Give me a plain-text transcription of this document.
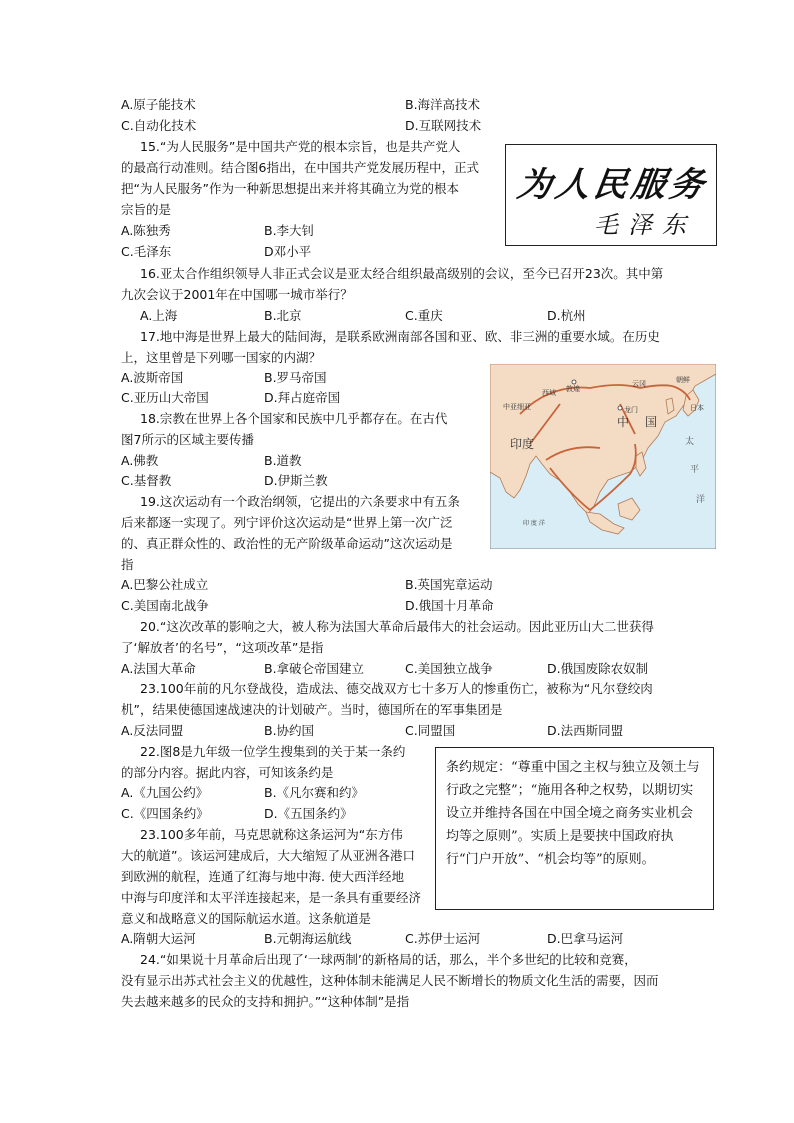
A.原子能技术	B.海洋高技术
C.自动化技术	D.互联网技术
15.“为人民服务”是中国共产党的根本宗旨，也是共产党人
的最高行动准则。结合图6指出，在中国共产党发展历程中，正式
把“为人民服务”作为一种新思想提出来并将其确立为党的根本
宗旨的是
A.陈独秀	B.李大钊
C.毛泽东	D邓小平
为人民服务
毛泽东
16.亚太合作组织领导人非正式会议是亚太经合组织最高级别的会议，至今已召开23次。其中第
九次会议于2001年在中国哪一城市举行？
A.上海	B.北京	C.重庆	D.杭州
17.地中海是世界上最大的陆间海，是联系欧洲南部各国和亚、欧、非三洲的重要水域。在历史
上，这里曾是下列哪一国家的内湖？
A.波斯帝国	B.罗马帝国
C.亚历山大帝国	D.拜占庭帝国
18.宗教在世界上各个国家和民族中几乎都存在。在古代
图7所示的区域主要传播
A.佛教	B.道教
C.基督教	D.伊斯兰教
西域 敦煌
中亚细亚
云冈	朝鲜
日本
龙门
印 度 洋
中 国
印度	太
平
洋
19.这次运动有一个政治纲领，它提出的六条要求中有五条
后来都逐一实现了。列宁评价这次运动是“世界上第一次广泛
的、真正群众性的、政治性的无产阶级革命运动”这次运动是
指
A.巴黎公社成立	B.英国宪章运动
C.美国南北战争	D.俄国十月革命
20.“这次改革的影响之大，被人称为法国大革命后最伟大的社会运动。因此亚历山大二世获得
了‘解放者’的名号”，“这项改革”是指
A.法国大革命	B.拿破仑帝国建立	C.美国独立战争	D.俄国废除农奴制
23.100年前的凡尔登战役，造成法、德交战双方七十多万人的惨重伤亡，被称为“凡尔登绞肉
机”，结果使德国速战速决的计划破产。当时，德国所在的军事集团是
A.反法同盟	B.协约国	C.同盟国	D.法西斯同盟
22.图8是九年级一位学生搜集到的关于某一条约
的部分内容。据此内容，可知该条约是
A.《九国公约》	B.《凡尔赛和约》
C.《四国条约》	D.《五国条约》
条约规定：“尊重中国之主权与独立及领土与行政之完整”；“施用各种之权势，以期切实设立并维持各国在中国全境之商务实业机会均等之原则”。实质上是要挟中国政府执行“门户开放”、“机会均等”的原则。
23.100多年前，马克思就称这条运河为“东方伟
大的航道”。该运河建成后，大大缩短了从亚洲各港口
到欧洲的航程，连通了红海与地中海. 使大西洋经地
中海与印度洋和太平洋连接起来，是一条具有重要经济
意义和战略意义的国际航运水道。这条航道是
A.隋朝大运河	B.元朝海运航线	C.苏伊士运河	D.巴拿马运河
24.“如果说十月革命后出现了‘一球两制’的新格局的话，那么，半个多世纪的比较和竞赛，
没有显示出苏式社会主义的优越性，这种体制未能满足人民不断增长的物质文化生活的需要，因而
失去越来越多的民众的支持和拥护。”“这种体制”是指
